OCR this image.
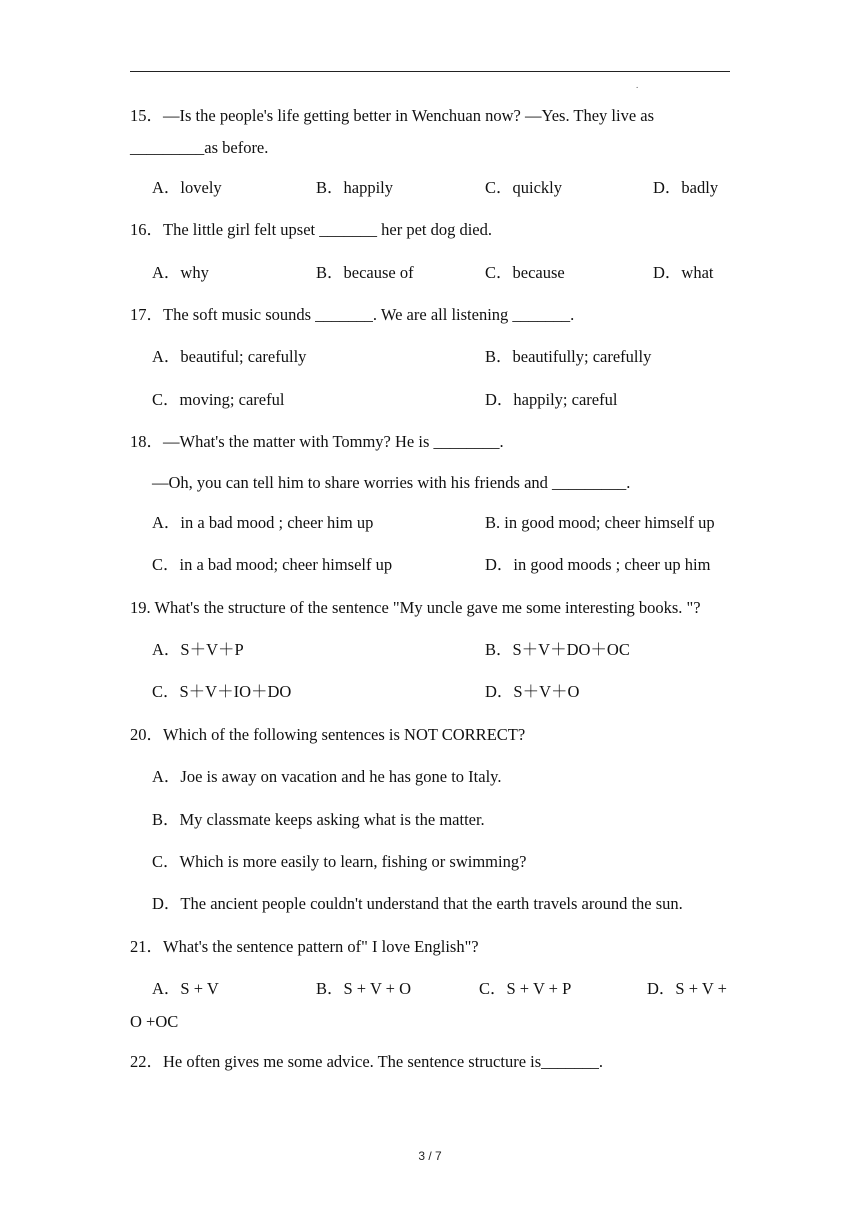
.
15．—Is the people's life getting better in Wenchuan now? —Yes. They live as
_________as before.
A．lovely	B．happily	C．quickly	D．badly
16．The little girl felt upset _______ her pet dog died.
A．why	B．because of	C．because	D．what
17．The soft music sounds _______. We are all listening _______.
A．beautiful; carefully	B．beautifully; carefully
C．moving; careful	D．happily; careful
18．—What's the matter with Tommy? He is ________.
—Oh, you can tell him to share worries with his friends and _________.
A．in a bad mood ; cheer him up	B. in good mood; cheer himself up
C．in a bad mood; cheer himself up	D．in good moods ; cheer up him
19. What's the structure of the sentence "My uncle gave me some interesting books. "?
A．S＋V＋P	B．S＋V＋DO＋OC
C．S＋V＋IO＋DO	D．S＋V＋O
20．Which of the following sentences is NOT CORRECT?
A．Joe is away on vacation and he has gone to Italy.
B．My classmate keeps asking what is the matter.
C．Which is more easily to learn, fishing or swimming?
D．The ancient people couldn't understand that the earth travels around the sun.
21．What's the sentence pattern of" I love English"?
A．S + V	B．S + V + O	C．S + V + P	D．S + V +
O +OC
22．He often gives me some advice. The sentence structure is_______.
3 / 7
